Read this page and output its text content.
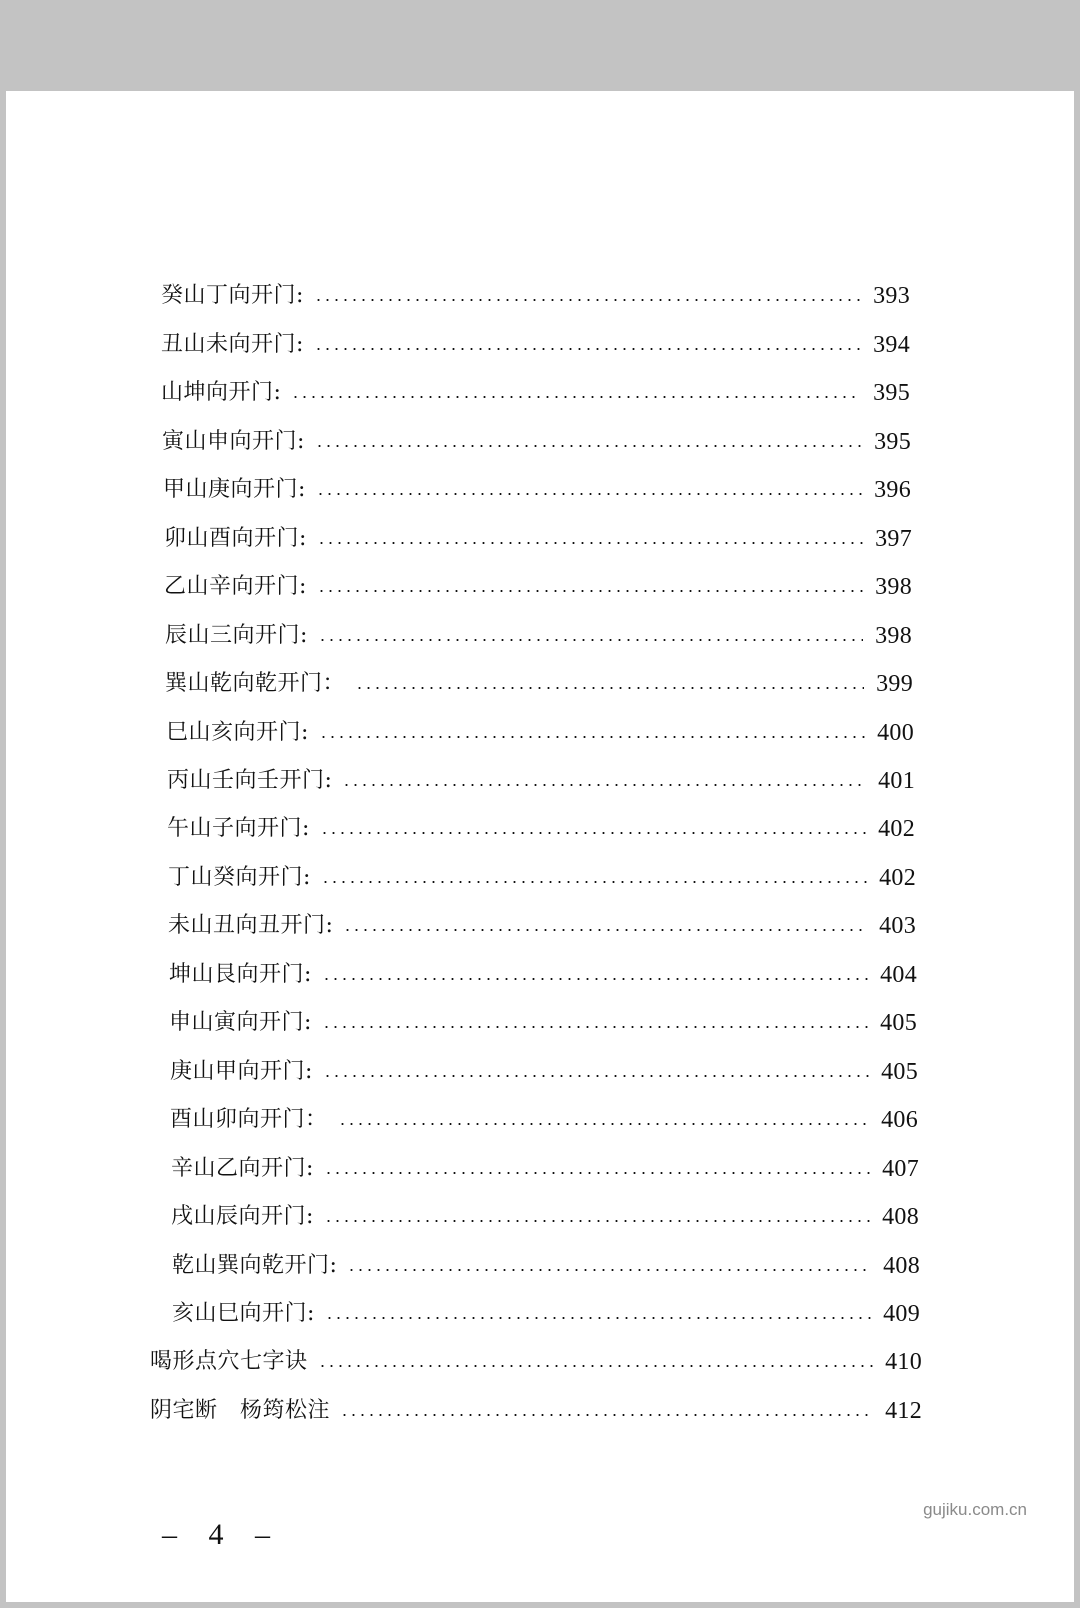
癸山丁向开门:	393
丑山未向开门:	394
山坤向开门:	395
寅山申向开门:	395
甲山庚向开门:	396
卯山酉向开门:	397
乙山辛向开门:	398
辰山三向开门:	398
巽山乾向乾开门：	399
巳山亥向开门:	400
丙山壬向壬开门:	401
午山子向开门:	402
丁山癸向开门:	402
未山丑向丑开门:	403
坤山艮向开门:	404
申山寅向开门:	405
庚山甲向开门:	405
酉山卯向开门：	406
辛山乙向开门:	407
戌山辰向开门:	408
乾山巽向乾开门:	408
亥山巳向开门:	409
喝形点穴七字诀	410
阴宅断　杨筠松注	412
– 4 –
gujiku.com.cn
